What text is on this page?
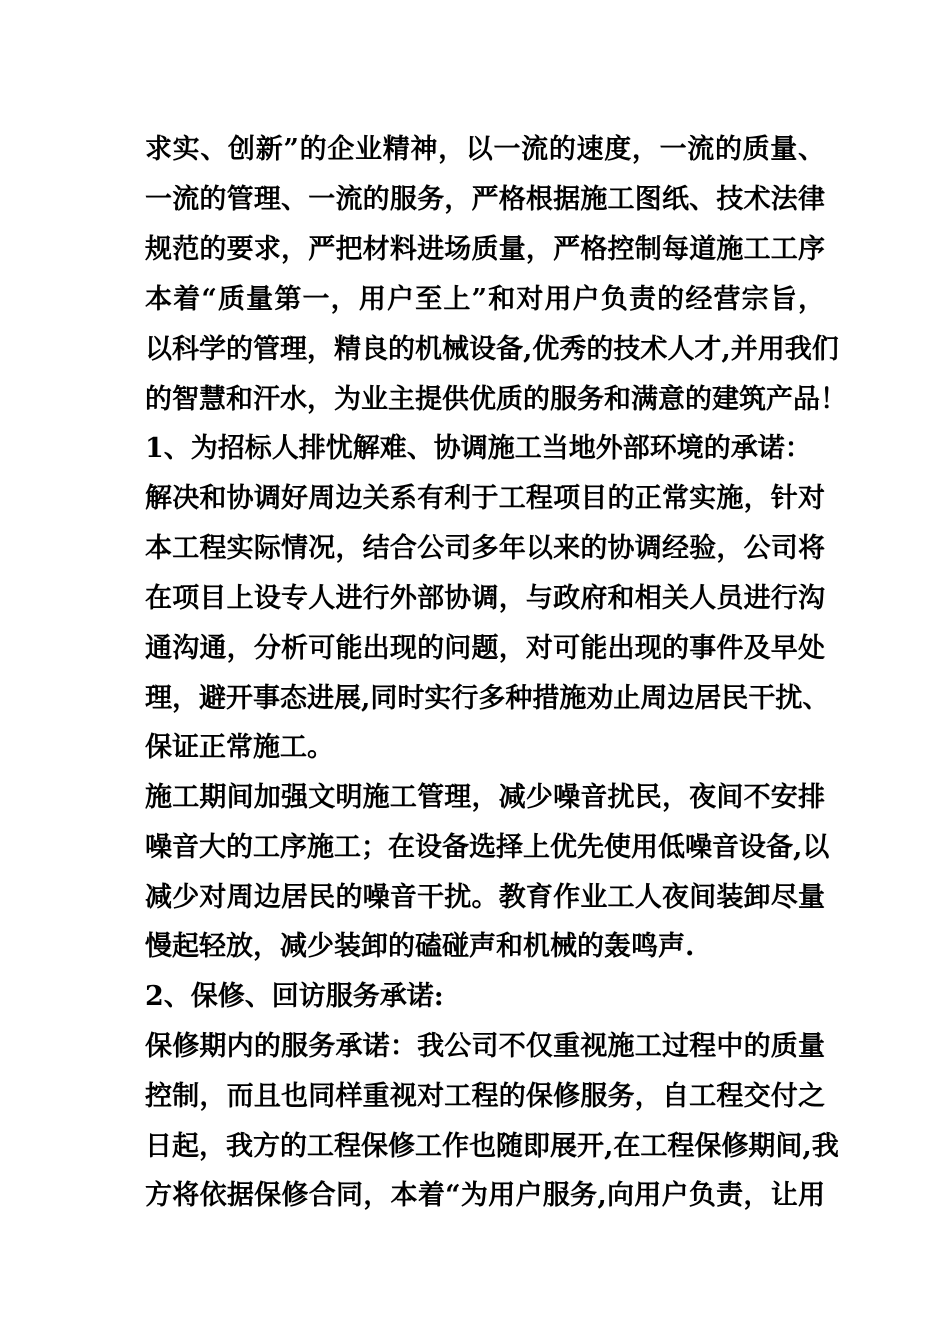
求实、创新”的企业精神，以一流的速度，一流的质量、
一流的管理、一流的服务，严格根据施工图纸、技术法律
规范的要求，严把材料进场质量，严格控制每道施工工序
本着“质量第一，用户至上”和对用户负责的经营宗旨，
以科学的管理，精良的机械设备,优秀的技术人才,并用我们
的智慧和汗水，为业主提供优质的服务和满意的建筑产品！
1、为招标人排忧解难、协调施工当地外部环境的承诺：
解决和协调好周边关系有利于工程项目的正常实施，针对
本工程实际情况，结合公司多年以来的协调经验，公司将
在项目上设专人进行外部协调，与政府和相关人员进行沟
通沟通，分析可能出现的问题，对可能出现的事件及早处
理，避开事态进展,同时实行多种措施劝止周边居民干扰、
保证正常施工。
施工期间加强文明施工管理，减少噪音扰民，夜间不安排
噪音大的工序施工；在设备选择上优先使用低噪音设备,以
减少对周边居民的噪音干扰。教育作业工人夜间装卸尽量
慢起轻放，减少装卸的磕碰声和机械的轰鸣声.
2、保修、回访服务承诺:
保修期内的服务承诺：我公司不仅重视施工过程中的质量
控制，而且也同样重视对工程的保修服务，自工程交付之
日起，我方的工程保修工作也随即展开,在工程保修期间,我
方将依据保修合同，本着“为用户服务,向用户负责，让用
